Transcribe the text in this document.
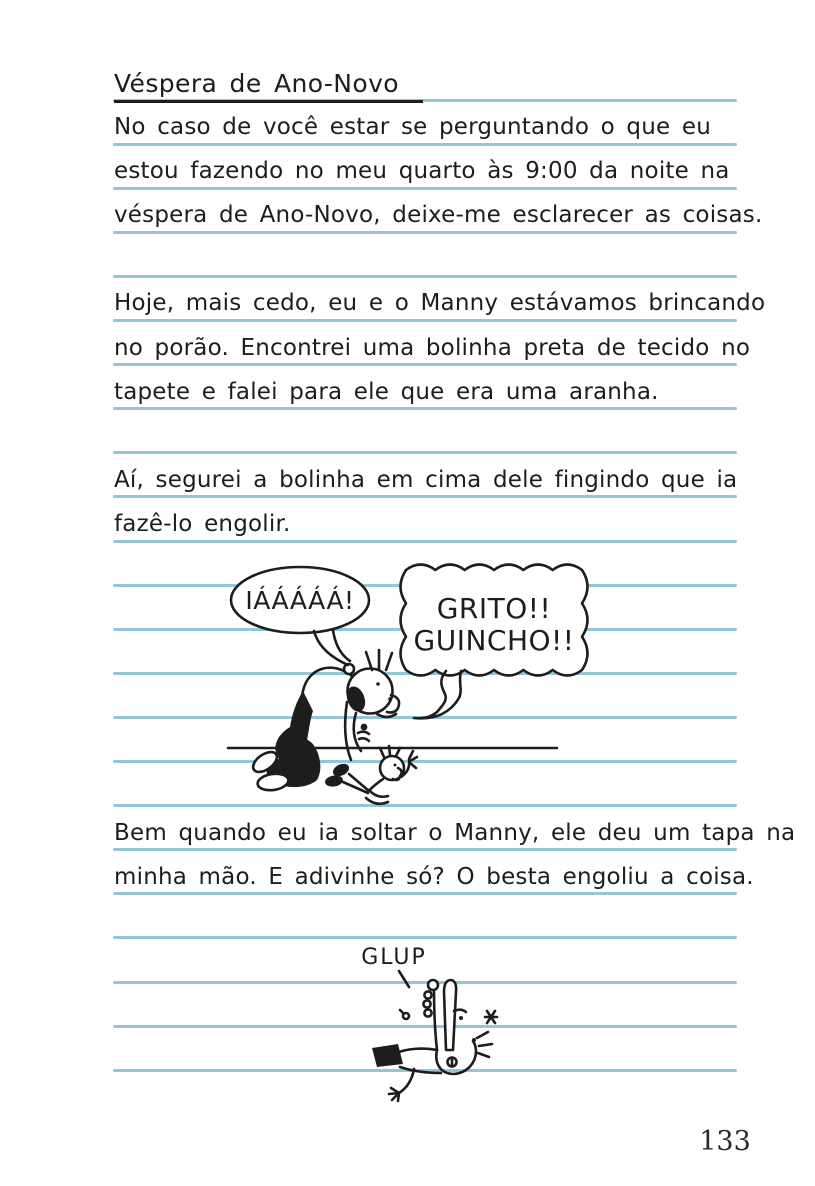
Véspera de Ano-Novo
No caso de você estar se perguntando o que eu
estou fazendo no meu quarto às 9:00 da noite na
véspera de Ano-Novo, deixe-me esclarecer as coisas.
Hoje, mais cedo, eu e o Manny estávamos brincando
no porão. Encontrei uma bolinha preta de tecido no
tapete e falei para ele que era uma aranha.
Aí, segurei a bolinha em cima dele fingindo que ia
fazê-lo engolir.
Bem quando eu ia soltar o Manny, ele deu um tapa na
minha mão. E adivinhe só? O besta engoliu a coisa.
IÁÁÁÁÁ!	GRITO!!
GUINCHO!!
GLUP
133
